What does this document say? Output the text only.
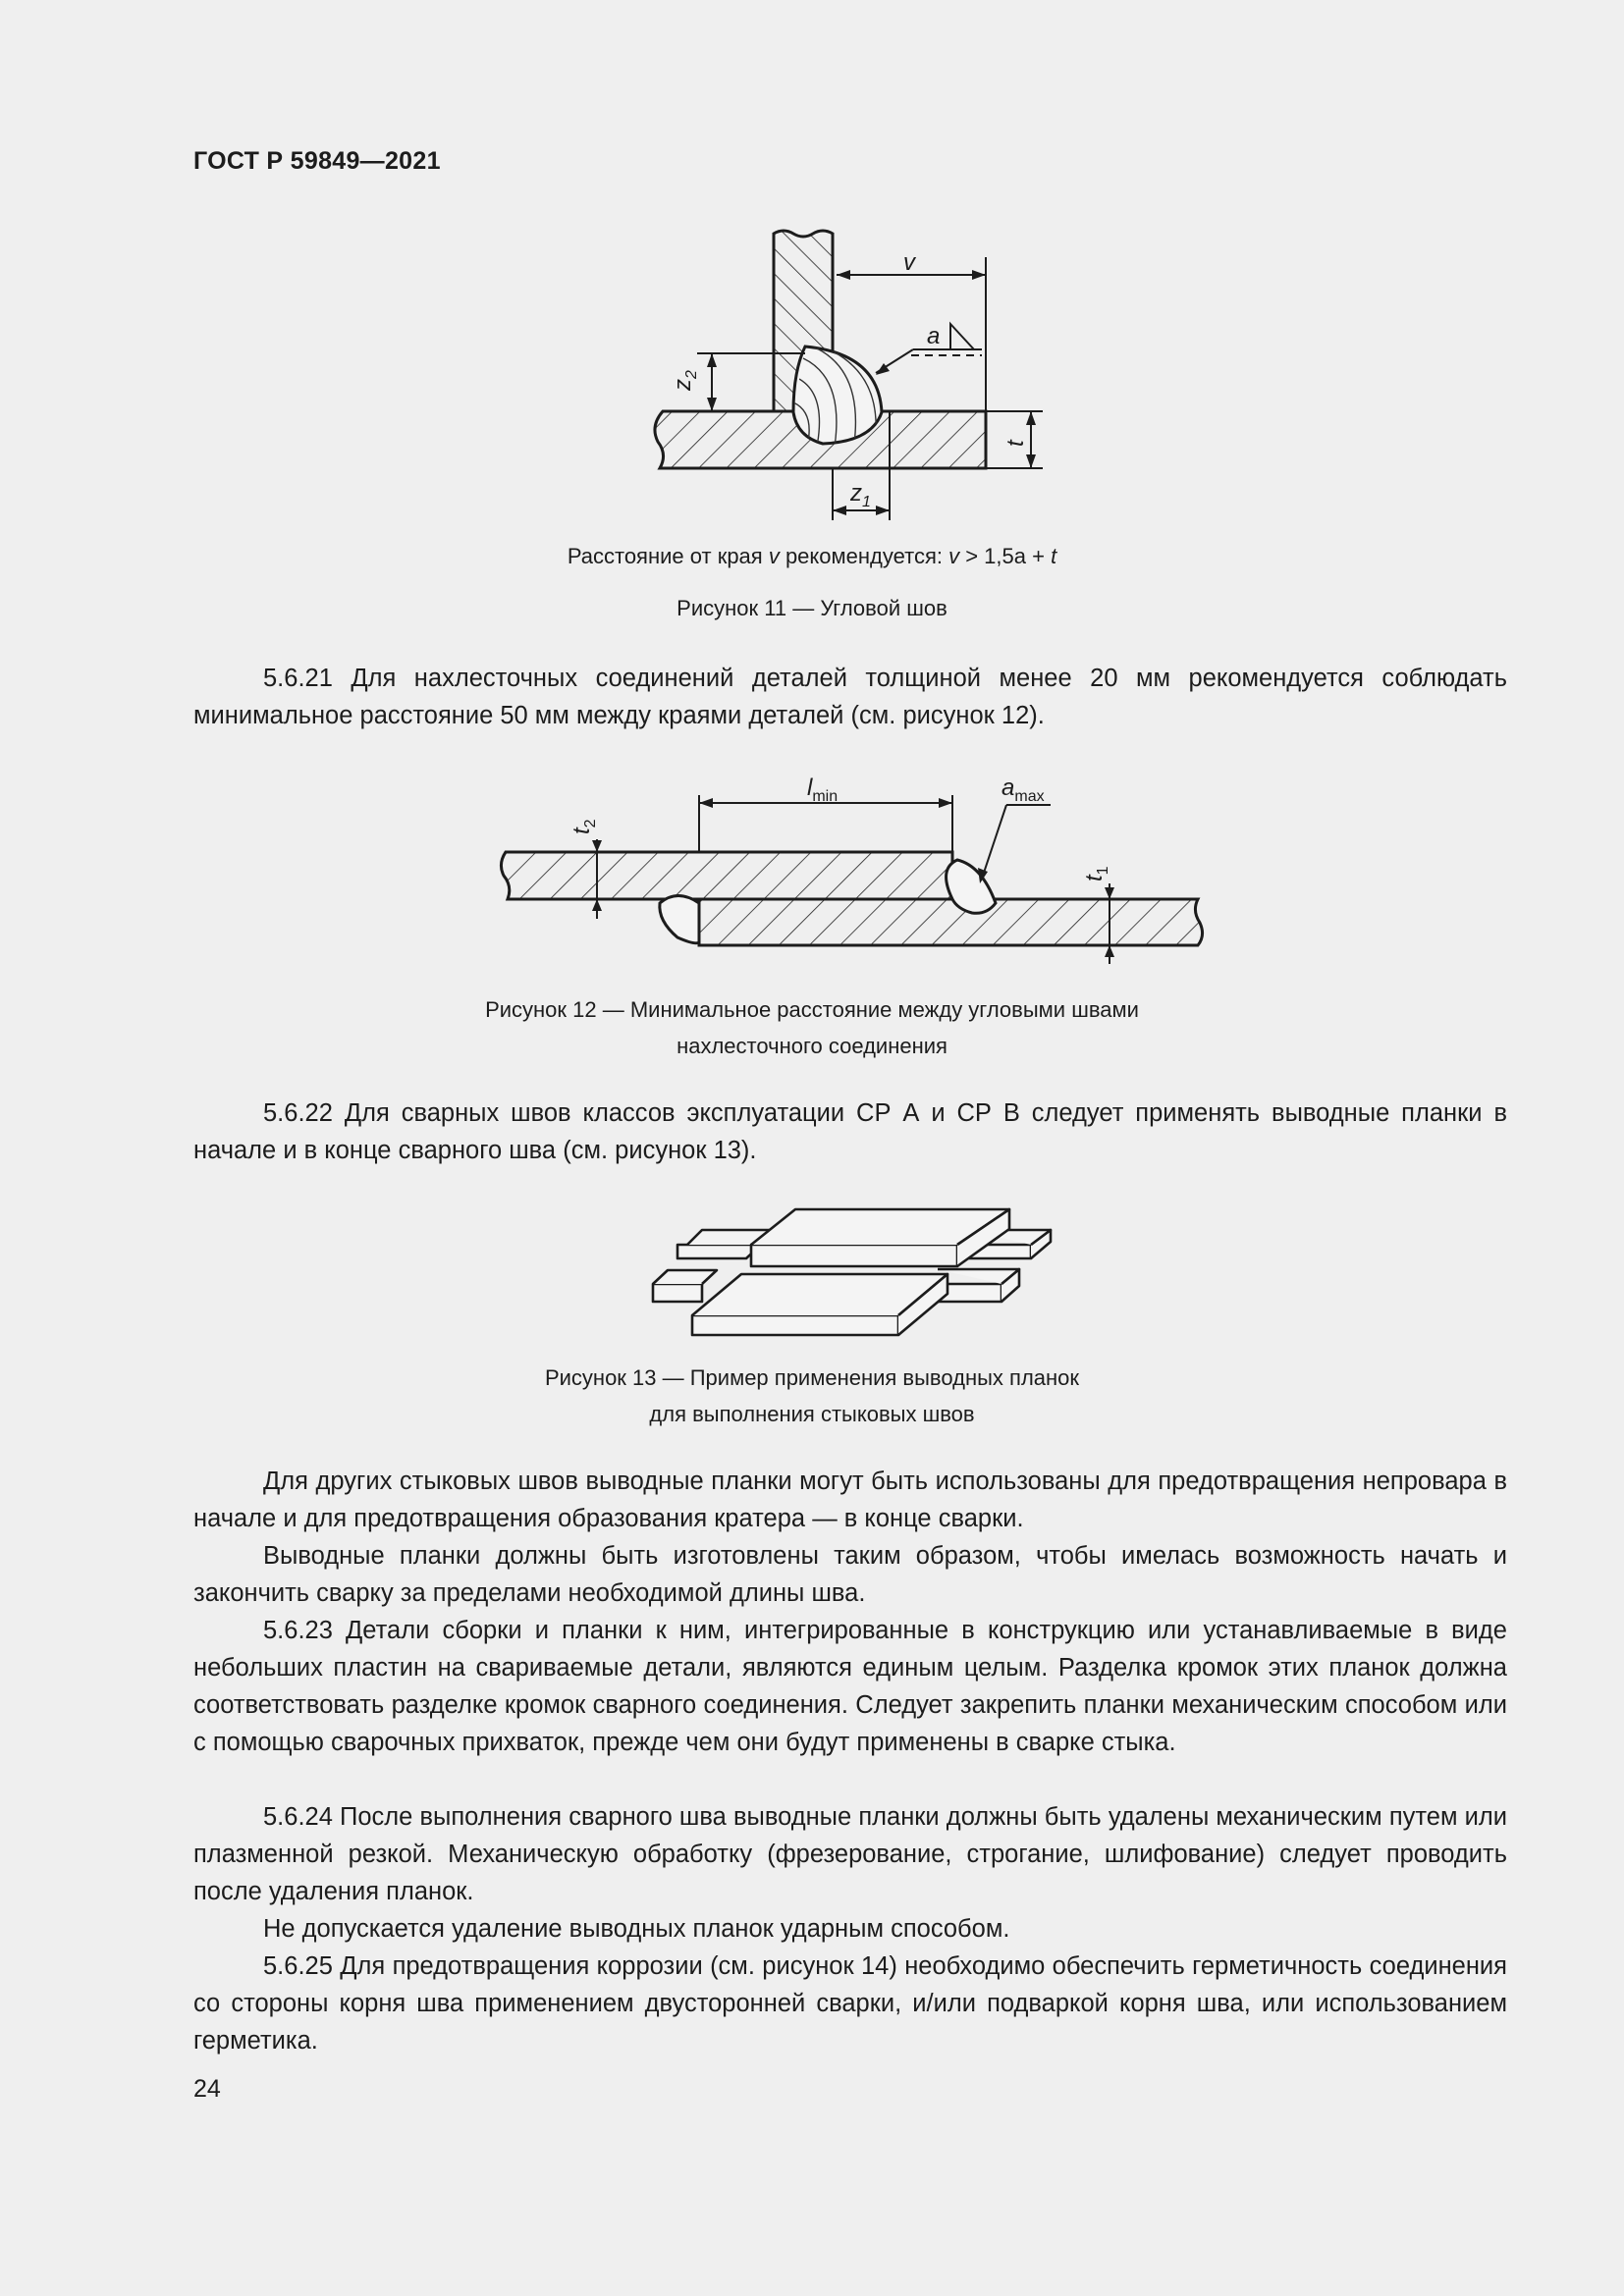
ГОСТ Р 59849—2021
v
a
$z_2$
t
$z_1$
Расстояние от края v рекомендуется: v > 1,5a + t
Рисунок 11 — Угловой шов

5.6.21 Для нахлесточных соединений деталей толщиной менее 20 мм рекомендуется соблюдать минимальное расстояние 50 мм между краями деталей (см. рисунок 12).

$l_{min}$	$a_{max}$
$t_2$
$t_1$
Рисунок 12 — Минимальное расстояние между угловыми швами
нахлесточного соединения

5.6.22 Для сварных швов классов эксплуатации СР А и СР В следует применять выводные планки в начале и в конце сварного шва (см. рисунок 13).

Рисунок 13 — Пример применения выводных планок
для выполнения стыковых швов

Для других стыковых швов выводные планки могут быть использованы для предотвращения непровара в начале и для предотвращения образования кратера — в конце сварки.

Выводные планки должны быть изготовлены таким образом, чтобы имелась возможность начать и закончить сварку за пределами необходимой длины шва.

5.6.23 Детали сборки и планки к ним, интегрированные в конструкцию или устанавливаемые в виде небольших пластин на свариваемые детали, являются единым целым. Разделка кромок этих планок должна соответствовать разделке кромок сварного соединения. Следует закрепить планки механическим способом или с помощью сварочных прихваток, прежде чем они будут применены в сварке стыка.

5.6.24 После выполнения сварного шва выводные планки должны быть удалены механическим путем или плазменной резкой. Механическую обработку (фрезерование, строгание, шлифование) следует проводить после удаления планок.

Не допускается удаление выводных планок ударным способом.

5.6.25 Для предотвращения коррозии (см. рисунок 14) необходимо обеспечить герметичность соединения со стороны корня шва применением двусторонней сварки, и/или подваркой корня шва, или использованием герметика.

24
